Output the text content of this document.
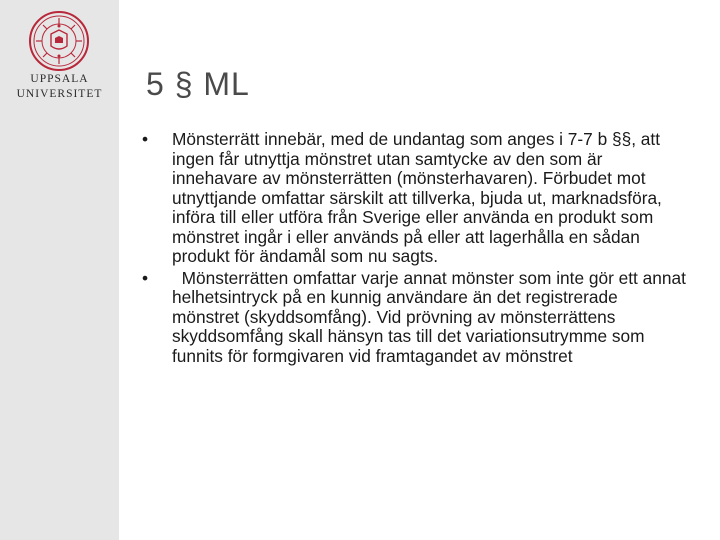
UPPSALA
UNIVERSITET	5 § ML
• Mönsterrätt innebär, med de undantag som anges i 7-7 b §§, att ingen får utnyttja mönstret utan samtycke av den som är innehavare av mönsterrätten (mönsterhavaren). Förbudet mot utnyttjande omfattar särskilt att tillverka, bjuda ut, marknadsföra, införa till eller utföra från Sverige eller använda en produkt som mönstret ingår i eller används på eller att lagerhålla en sådan produkt för ändamål som nu sagts.
• Mönsterrätten omfattar varje annat mönster som inte gör ett annat helhetsintryck på en kunnig användare än det registrerade mönstret (skyddsomfång). Vid prövning av mönsterrättens skyddsomfång skall hänsyn tas till det variationsutrymme som funnits för formgivaren vid framtagandet av mönstret
